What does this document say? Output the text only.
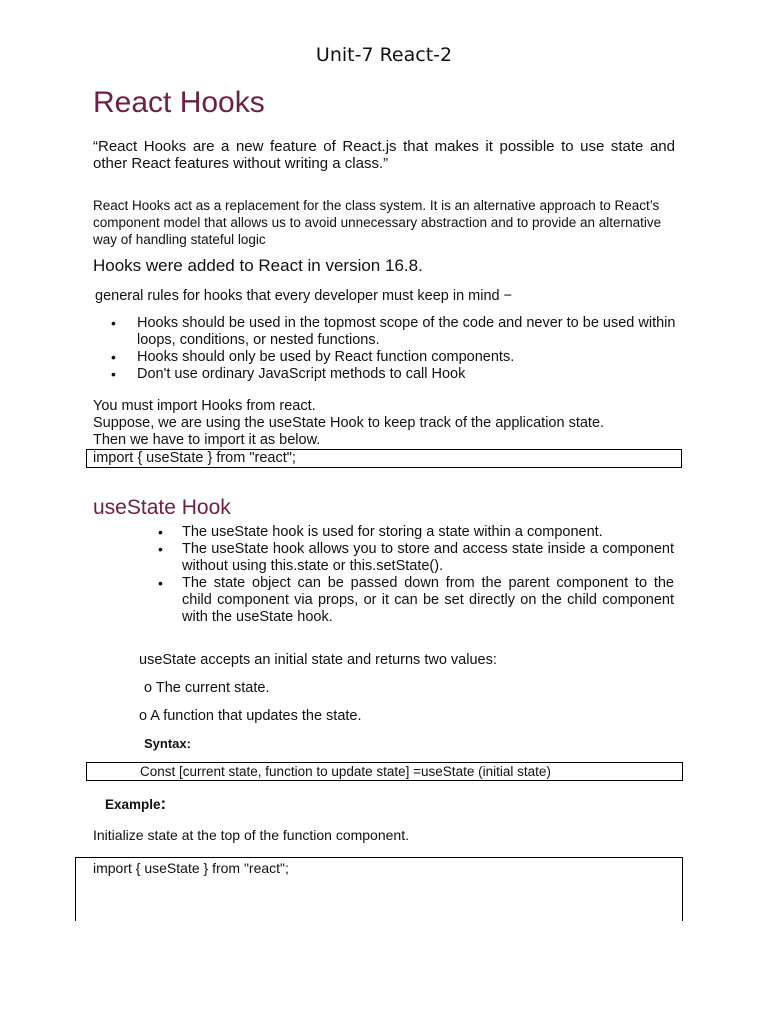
Unit-7 React-2
React Hooks
“React Hooks are a new feature of React.js that makes it possible to use state and other React features without writing a class.”
React Hooks act as a replacement for the class system. It is an alternative approach to React’s component model that allows us to avoid unnecessary abstraction and to provide an alternative way of handling stateful logic
Hooks were added to React in version 16.8.
general rules for hooks that every developer must keep in mind −
• Hooks should be used in the topmost scope of the code and never to be used within loops, conditions, or nested functions.
• Hooks should only be used by React function components.
• Don't use ordinary JavaScript methods to call Hook
You must import Hooks from react.
Suppose, we are using the useState Hook to keep track of the application state.
Then we have to import it as below.
import { useState } from "react";
useState Hook
• The useState hook is used for storing a state within a component.
• The useState hook allows you to store and access state inside a component without using this.state or this.setState().
• The state object can be passed down from the parent component to the child component via props, or it can be set directly on the child component with the useState hook.
useState accepts an initial state and returns two values:
o The current state.
o A function that updates the state.
Syntax:
Const [current state, function to update state] =useState (initial state)
Example:
Initialize state at the top of the function component.
import { useState } from "react";
